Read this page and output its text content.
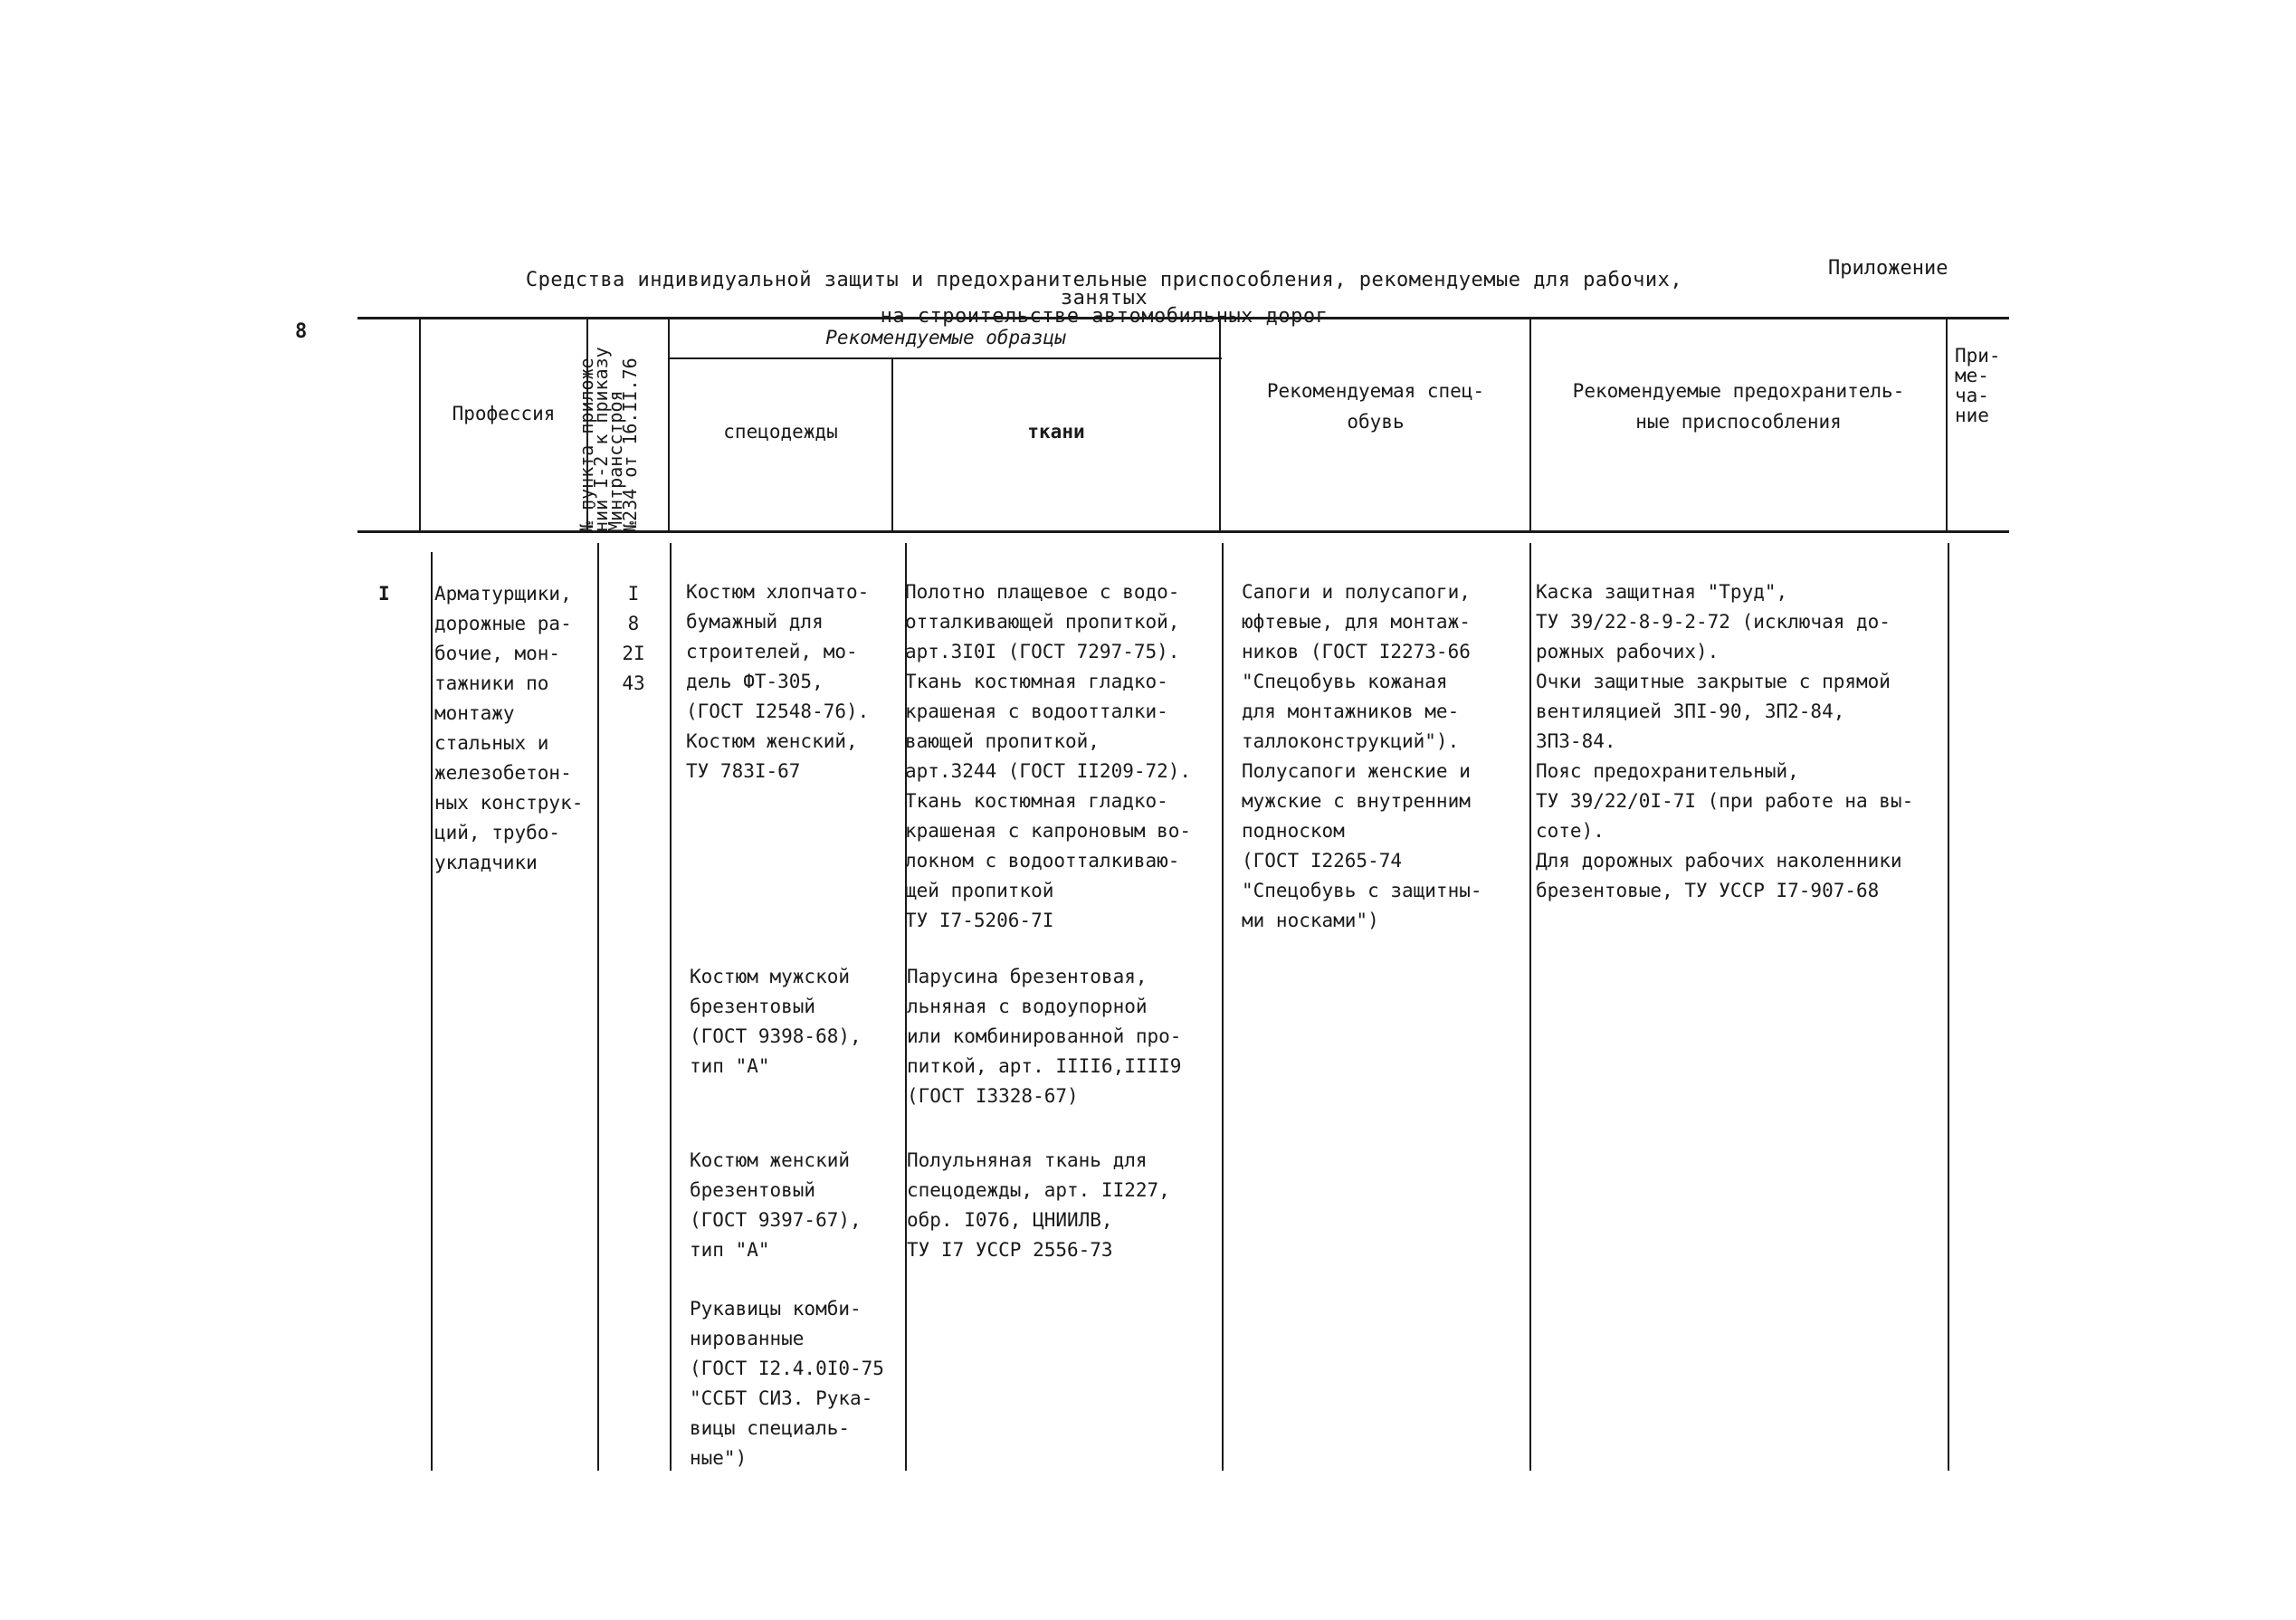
Приложение
8
Средства индивидуальной защиты и предохранительные приспособления, рекомендуемые для рабочих, занятых
Профессия
№ пункта приложе-
ний I-2 к приказу
Минтрансстроя
№234 от 16.II.76
Рекомендуемые образцы
спецодежды	ткани
Рекомендуемая спец-
обувь
Рекомендуемые предохранитель-
ные приспособления
При-
ме-
ча-
ние
I Арматурщики,
дорожные ра-
бочие, мон-
тажники по
монтажу
стальных и
железобетон-
ных конструк-
ций, трубо-
укладчики
I
8
2I
43
Костюм хлопчато-
бумажный для
строителей, мо-
дель ФТ-305,
(ГОСТ I2548-76).
Костюм женский,
ТУ 783I-67
Костюм мужской
брезентовый
(ГОСТ 9398-68),
тип "А"
Костюм женский
брезентовый
(ГОСТ 9397-67),
тип "А"
Рукавицы комби-
нированные
(ГОСТ I2.4.0I0-75
"ССБТ СИЗ. Рука-
вицы специаль-
ные")
Полотно плащевое с водо-
отталкивающей пропиткой,
арт.3I0I (ГОСТ 7297-75).
Ткань костюмная гладко-
крашеная с водоотталки-
вающей пропиткой,
арт.3244 (ГОСТ II209-72).
Ткань костюмная гладко-
крашеная с капроновым во-
локном с водоотталкиваю-
щей пропиткой
ТУ I7-5206-7I
Парусина брезентовая,
льняная с водоупорной
или комбинированной про-
питкой, арт. IIII6,IIII9
(ГОСТ I3328-67)
Полульняная ткань для
спецодежды, арт. II227,
обр. I076, ЦНИИЛВ,
ТУ I7 УССР 2556-73
Сапоги и полусапоги,
юфтевые, для монтаж-
ников (ГОСТ I2273-66
"Спецобувь кожаная
для монтажников ме-
таллоконструкций").
Полусапоги женские и
мужские с внутренним
подноском
(ГОСТ I2265-74
"Спецобувь с защитны-
ми носками")
Каска защитная "Труд",
ТУ 39/22-8-9-2-72 (исключая до-
рожных рабочих).
Очки защитные закрытые с прямой
вентиляцией ЗПI-90, ЗП2-84,
ЗП3-84.
Пояс предохранительный,
ТУ 39/22/0I-7I (при работе на вы-
соте).
Для дорожных рабочих наколенники
брезентовые, ТУ УССР I7-907-68
